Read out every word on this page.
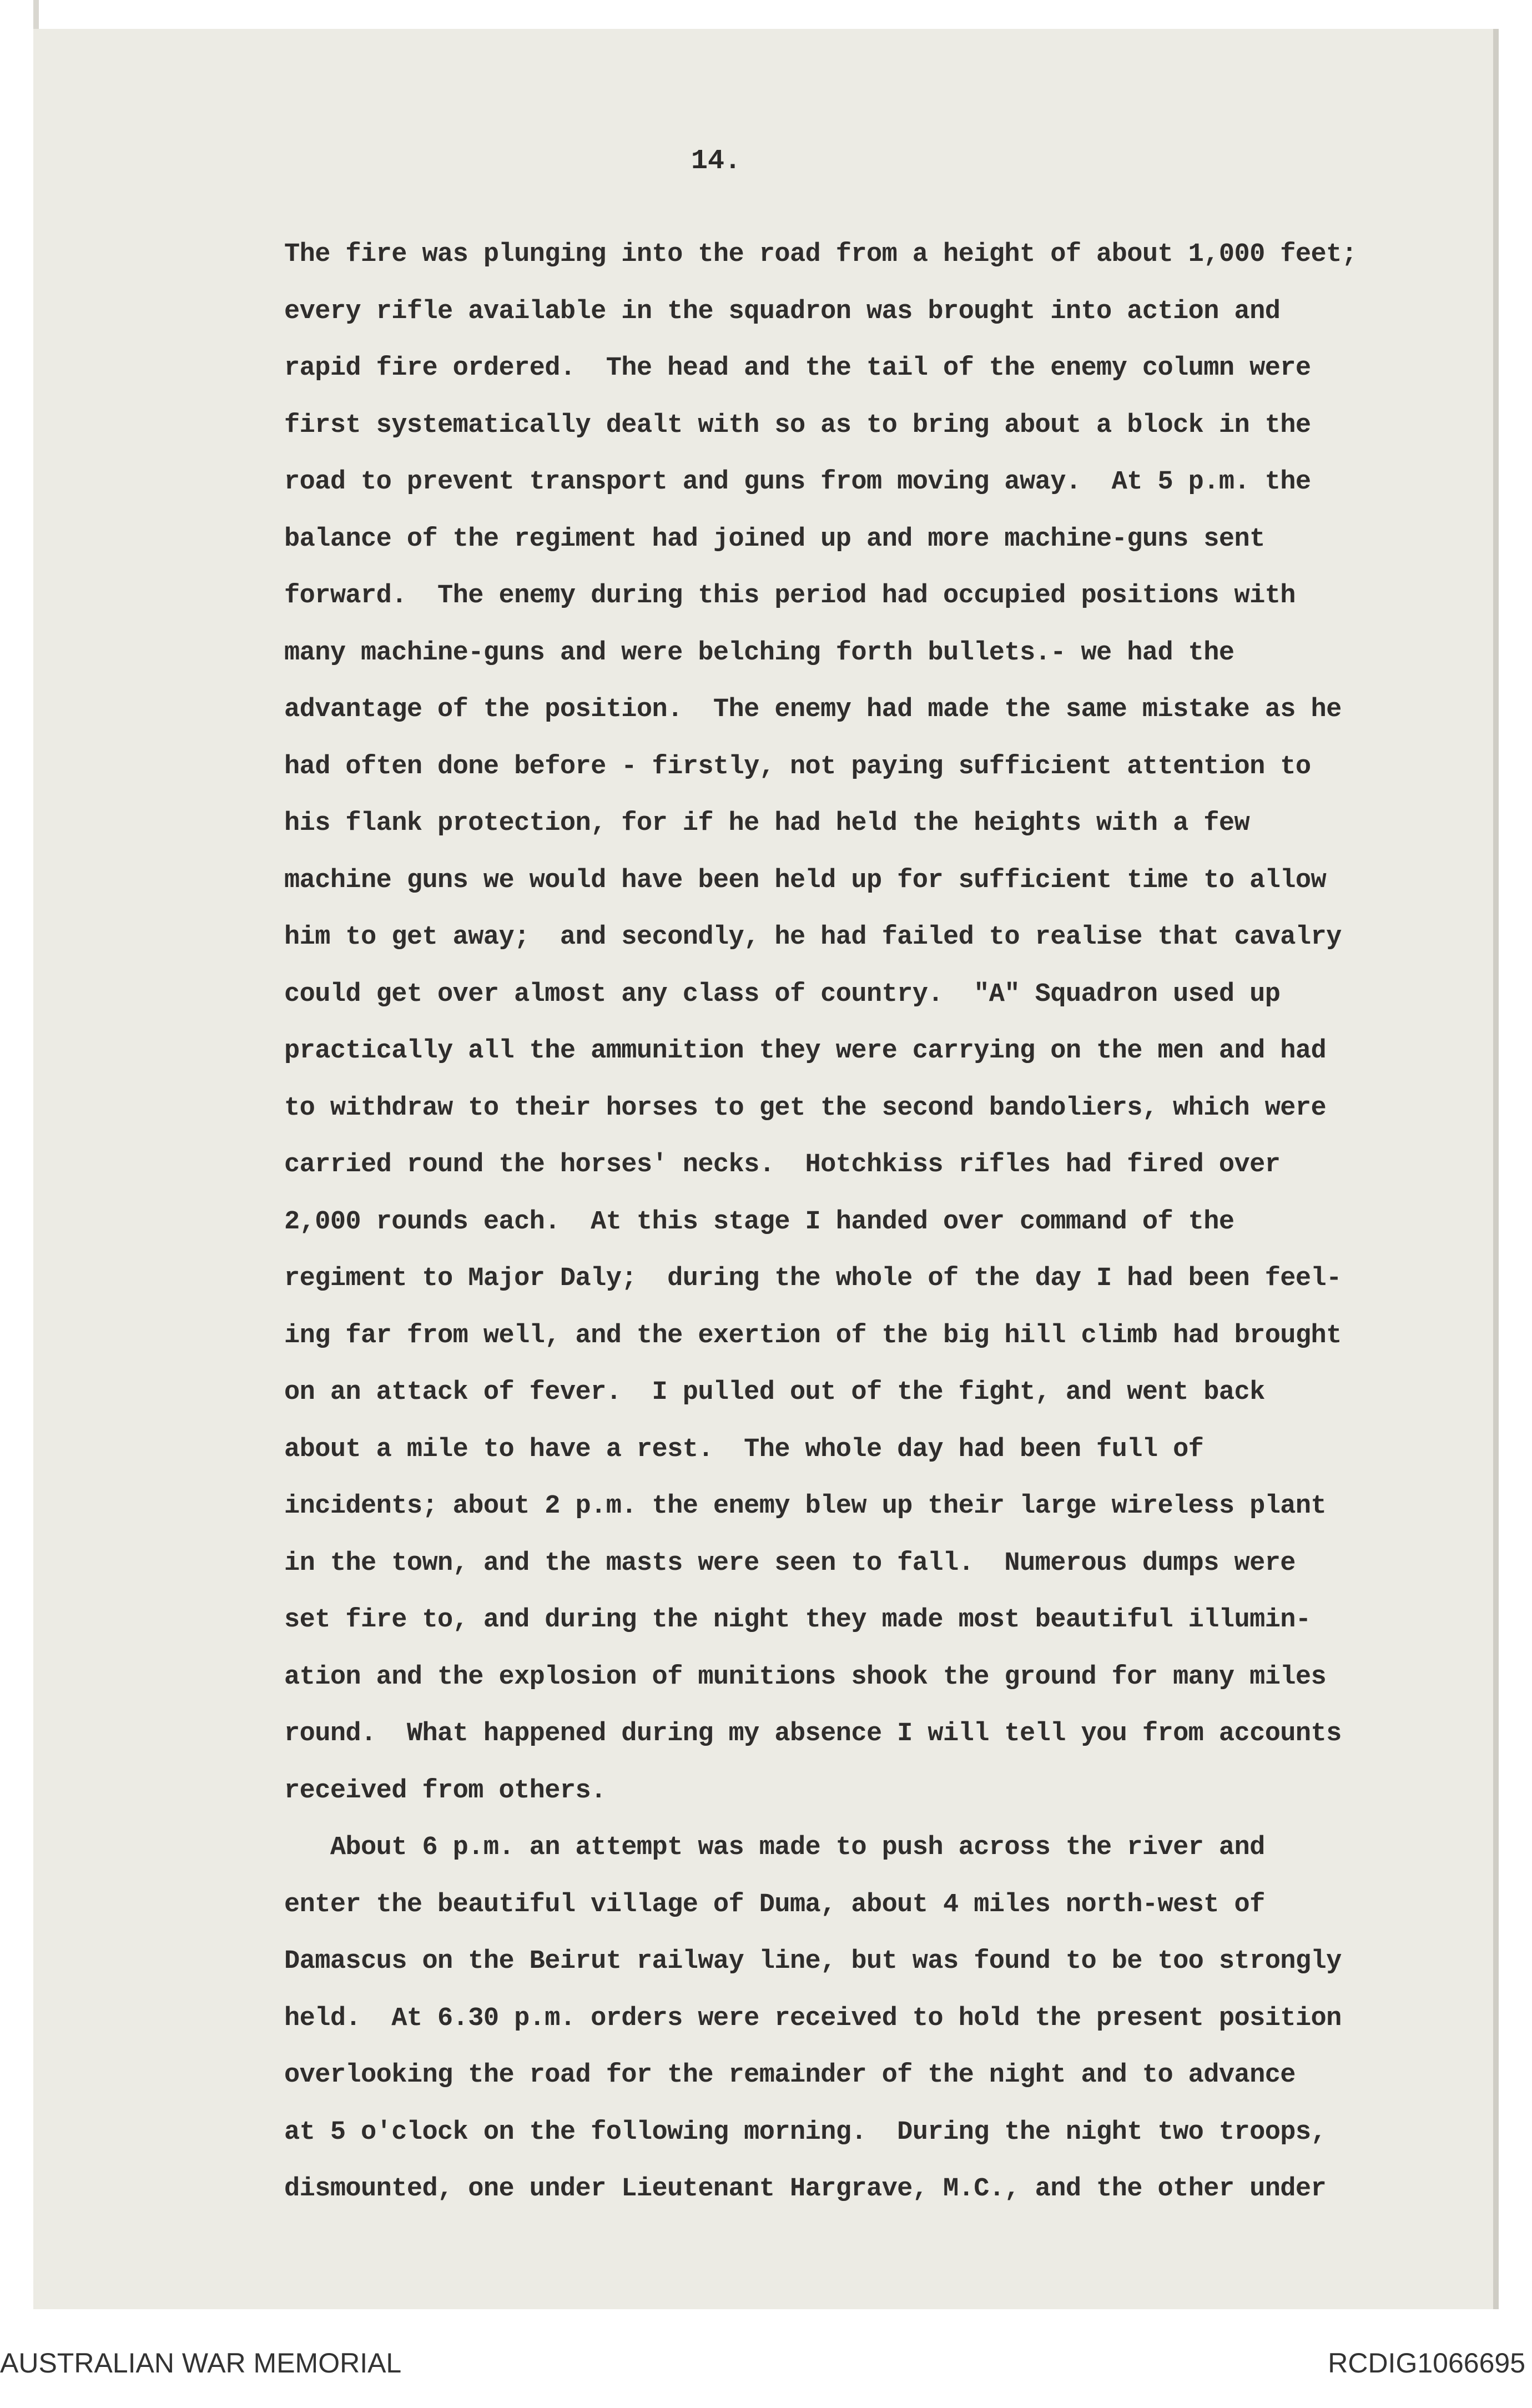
14.
The fire was plunging into the road from a height of about 1,000 feet;
every rifle available in the squadron was brought into action and
rapid fire ordered.  The head and the tail of the enemy column were
first systematically dealt with so as to bring about a block in the
road to prevent transport and guns from moving away.  At 5 p.m. the
balance of the regiment had joined up and more machine-guns sent
forward.  The enemy during this period had occupied positions with
many machine-guns and were belching forth bullets.- we had the
advantage of the position.  The enemy had made the same mistake as he
had often done before - firstly, not paying sufficient attention to
his flank protection, for if he had held the heights with a few
machine guns we would have been held up for sufficient time to allow
him to get away;  and secondly, he had failed to realise that cavalry
could get over almost any class of country.  "A" Squadron used up
practically all the ammunition they were carrying on the men and had
to withdraw to their horses to get the second bandoliers, which were
carried round the horses' necks.  Hotchkiss rifles had fired over
2,000 rounds each.  At this stage I handed over command of the
regiment to Major Daly;  during the whole of the day I had been feel-
ing far from well, and the exertion of the big hill climb had brought
on an attack of fever.  I pulled out of the fight, and went back
about a mile to have a rest.  The whole day had been full of
incidents; about 2 p.m. the enemy blew up their large wireless plant
in the town, and the masts were seen to fall.  Numerous dumps were
set fire to, and during the night they made most beautiful illumin-
ation and the explosion of munitions shook the ground for many miles
round.  What happened during my absence I will tell you from accounts
received from others.
About 6 p.m. an attempt was made to push across the river and
enter the beautiful village of Duma, about 4 miles north-west of
Damascus on the Beirut railway line, but was found to be too strongly
held.  At 6.30 p.m. orders were received to hold the present position
overlooking the road for the remainder of the night and to advance
at 5 o'clock on the following morning.  During the night two troops,
dismounted, one under Lieutenant Hargrave, M.C., and the other under
AUSTRALIAN WAR MEMORIAL	RCDIG1066695
